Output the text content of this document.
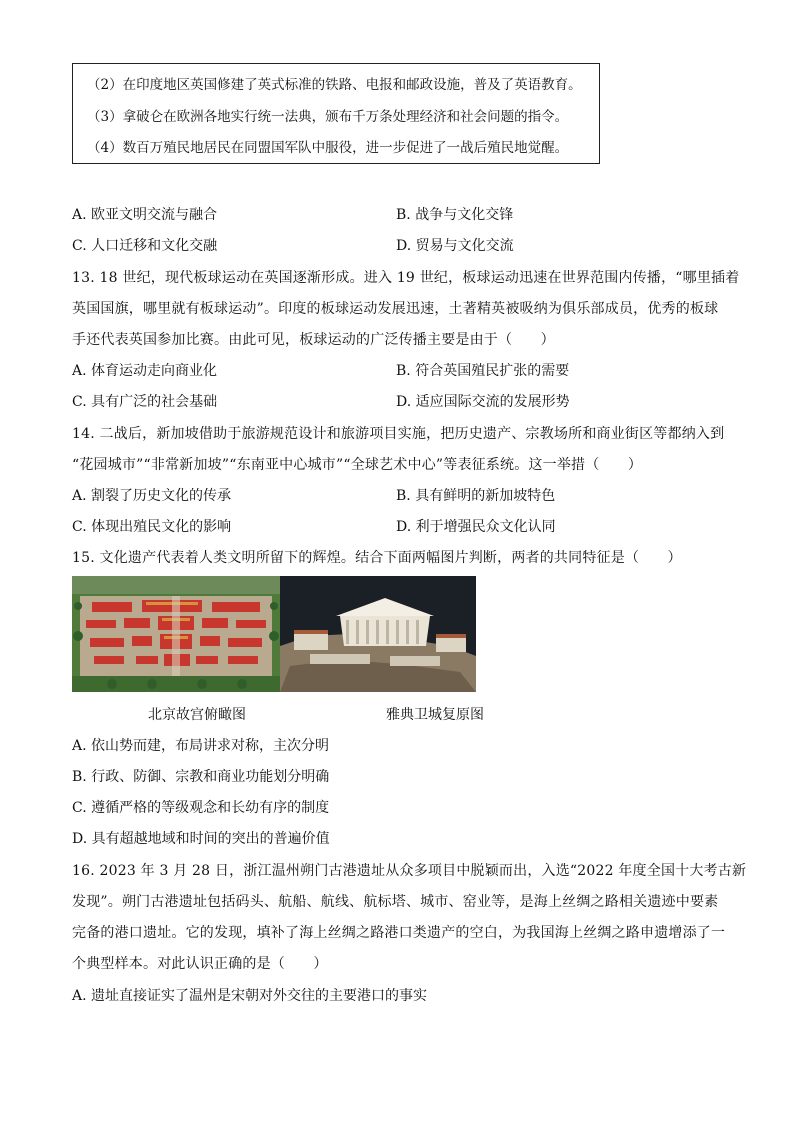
（2）在印度地区英国修建了英式标准的铁路、电报和邮政设施，普及了英语教育。
（3）拿破仑在欧洲各地实行统一法典，颁布千万条处理经济和社会问题的指令。
（4）数百万殖民地居民在同盟国军队中服役，进一步促进了一战后殖民地觉醒。
A. 欧亚文明交流与融合	B. 战争与文化交锋
C. 人口迁移和文化交融	D. 贸易与文化交流
13. 18 世纪，现代板球运动在英国逐渐形成。进入 19 世纪，板球运动迅速在世界范围内传播，“哪里插着
英国国旗，哪里就有板球运动”。印度的板球运动发展迅速，土著精英被吸纳为俱乐部成员，优秀的板球
手还代表英国参加比赛。由此可见，板球运动的广泛传播主要是由于（　　）
A. 体育运动走向商业化	B. 符合英国殖民扩张的需要
C. 具有广泛的社会基础	D. 适应国际交流的发展形势
14. 二战后，新加坡借助于旅游规范设计和旅游项目实施，把历史遗产、宗教场所和商业街区等都纳入到
“花园城市”“非常新加坡”“东南亚中心城市”“全球艺术中心”等表征系统。这一举措（　　）
A. 割裂了历史文化的传承	B. 具有鲜明的新加坡特色
C. 体现出殖民文化的影响	D. 利于增强民众文化认同
15. 文化遗产代表着人类文明所留下的辉煌。结合下面两幅图片判断，两者的共同特征是（　　）
北京故宫俯瞰图	雅典卫城复原图
A. 依山势而建，布局讲求对称，主次分明
B. 行政、防御、宗教和商业功能划分明确
C. 遵循严格的等级观念和长幼有序的制度
D. 具有超越地域和时间的突出的普遍价值
16. 2023 年 3 月 28 日，浙江温州朔门古港遗址从众多项目中脱颖而出，入选“2022 年度全国十大考古新
发现”。朔门古港遗址包括码头、航船、航线、航标塔、城市、窑业等，是海上丝绸之路相关遗迹中要素
完备的港口遗址。它的发现，填补了海上丝绸之路港口类遗产的空白，为我国海上丝绸之路申遗增添了一
个典型样本。对此认识正确的是（　　）
A. 遗址直接证实了温州是宋朝对外交往的主要港口的事实
